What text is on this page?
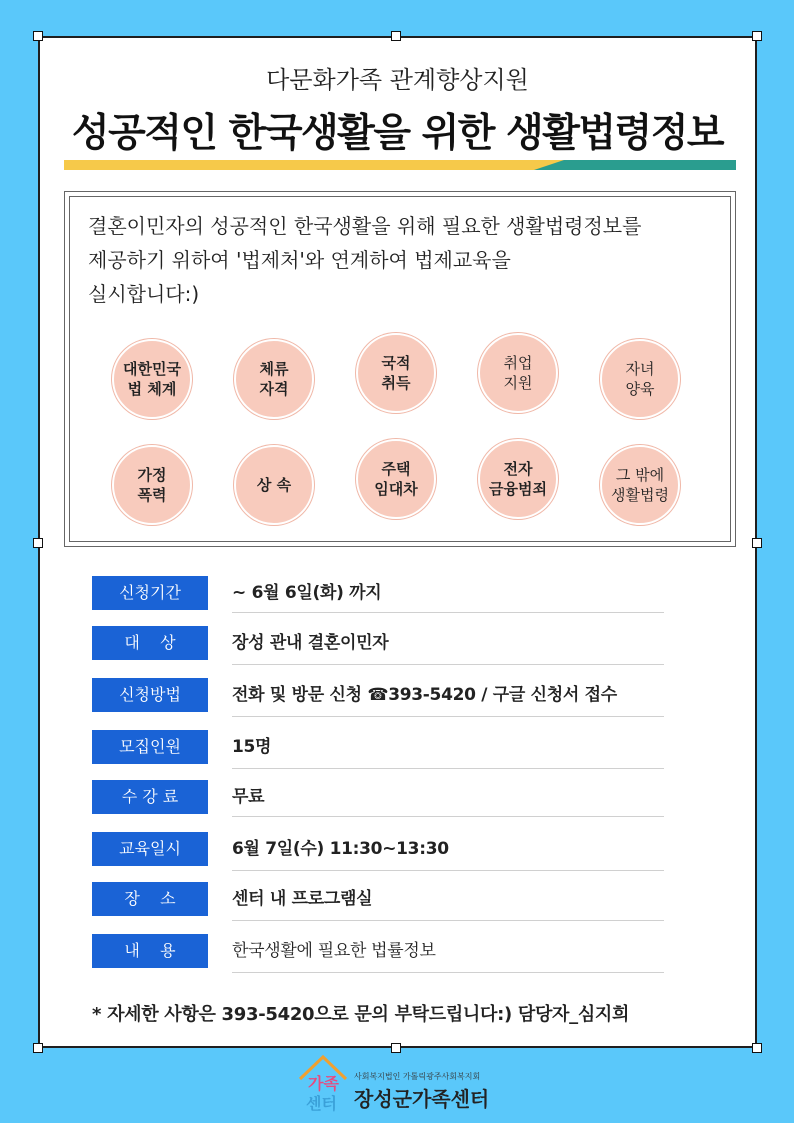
다문화가족 관계향상지원
성공적인 한국생활을 위한 생활법령정보
결혼이민자의 성공적인 한국생활을 위해 필요한 생활법령정보를
제공하기 위하여 '법제처'와 연계하여 법제교육을
실시합니다:)
대한민국
법 체계
체류
자격
국적
취득
취업
지원
자녀
양육
가정
폭력
상 속
주택
임대차
전자
금융범죄
그 밖에
생활법령
신청기간	~ 6월 6일(화) 까지
대    상	장성 관내 결혼이민자
신청방법	전화 및 방문 신청 ☎393-5420 / 구글 신청서 접수
모집인원	15명
수 강 료	무료
교육일시	6월 7일(수) 11:30~13:30
장    소	센터 내 프로그램실
내    용	한국생활에 필요한 법률정보
* 자세한 사항은 393-5420으로 문의 부탁드립니다:) 담당자_심지희
가족
센터
사회복지법인 가톨릭광주사회복지회
장성군가족센터
